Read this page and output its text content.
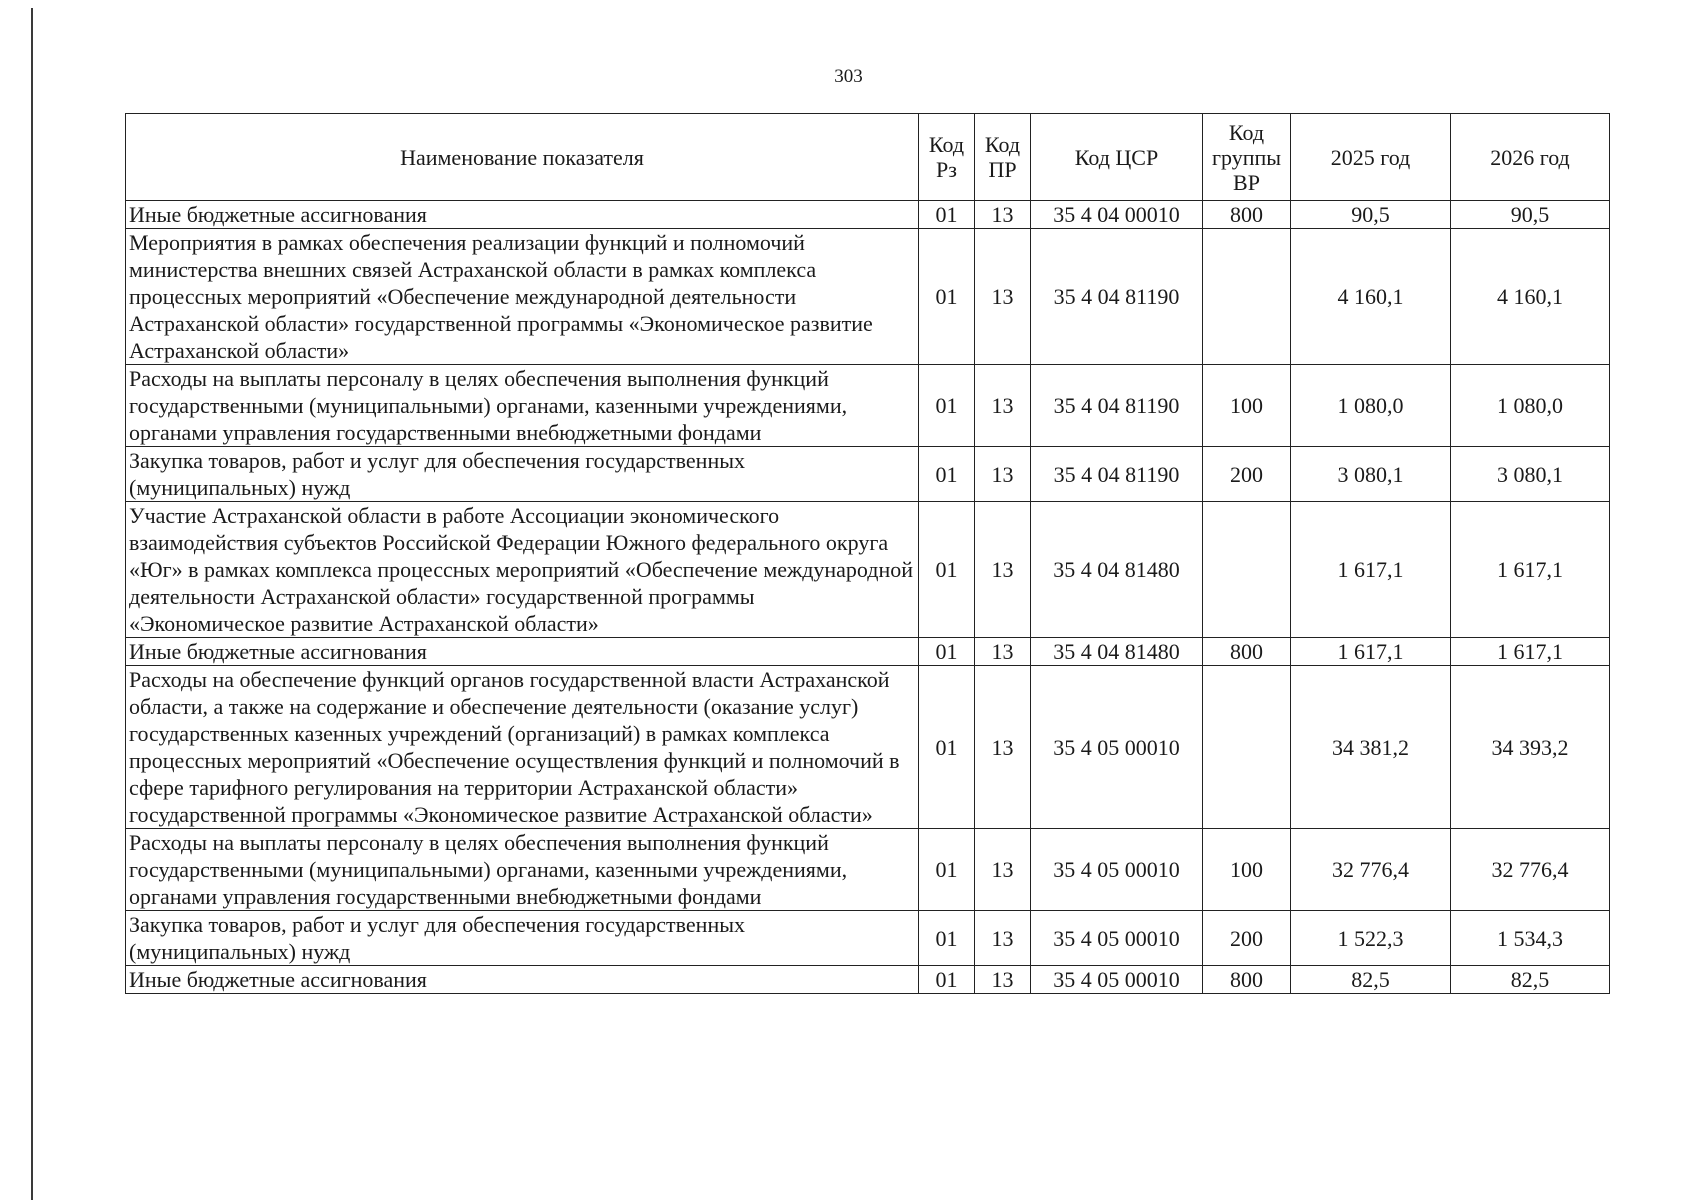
303
Наименование показателя	Код Рз	Код ПР	Код ЦСР	Код группы ВР	2025 год	2026 год
Иные бюджетные ассигнования	01	13	35 4 04 00010	800	90,5	90,5
Мероприятия в рамках обеспечения реализации функций и полномочий министерства внешних связей Астраханской области в рамках комплекса процессных мероприятий «Обеспечение международной деятельности Астраханской области» государственной программы «Экономическое развитие Астраханской области»	01	13	35 4 04 81190		4 160,1	4 160,1
Расходы на выплаты персоналу в целях обеспечения выполнения функций государственными (муниципальными) органами, казенными учреждениями, органами управления государственными внебюджетными фондами	01	13	35 4 04 81190	100	1 080,0	1 080,0
Закупка товаров, работ и услуг для обеспечения государственных (муниципальных) нужд	01	13	35 4 04 81190	200	3 080,1	3 080,1
Участие Астраханской области в работе Ассоциации экономического взаимодействия субъектов Российской Федерации Южного федерального округа «Юг» в рамках комплекса процессных мероприятий «Обеспечение международной деятельности Астраханской области» государственной программы «Экономическое развитие Астраханской области»	01	13	35 4 04 81480		1 617,1	1 617,1
Иные бюджетные ассигнования	01	13	35 4 04 81480	800	1 617,1	1 617,1
Расходы на обеспечение функций органов государственной власти Астраханской области, а также на содержание и обеспечение деятельности (оказание услуг) государственных казенных учреждений (организаций) в рамках комплекса процессных мероприятий «Обеспечение осуществления функций и полномочий в сфере тарифного регулирования на территории Астраханской области» государственной программы «Экономическое развитие Астраханской области»	01	13	35 4 05 00010		34 381,2	34 393,2
Расходы на выплаты персоналу в целях обеспечения выполнения функций государственными (муниципальными) органами, казенными учреждениями, органами управления государственными внебюджетными фондами	01	13	35 4 05 00010	100	32 776,4	32 776,4
Закупка товаров, работ и услуг для обеспечения государственных (муниципальных) нужд	01	13	35 4 05 00010	200	1 522,3	1 534,3
Иные бюджетные ассигнования	01	13	35 4 05 00010	800	82,5	82,5
